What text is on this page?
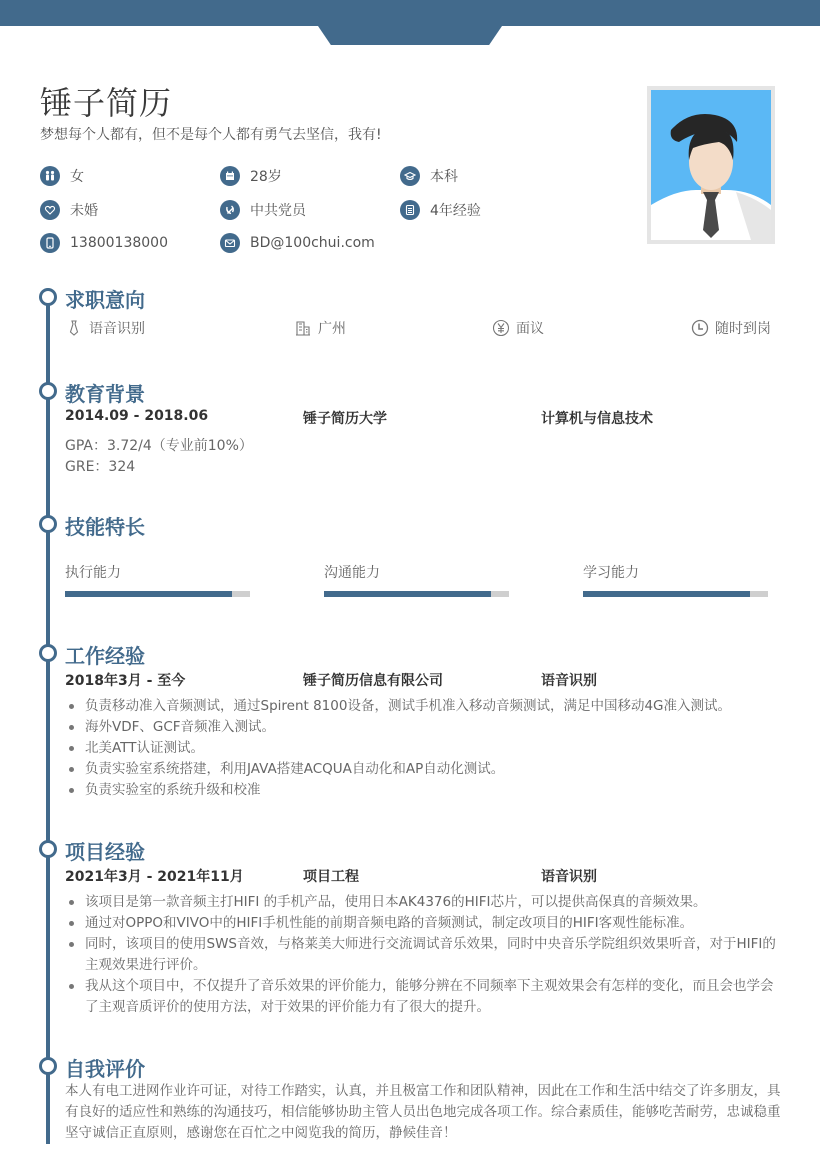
锤子简历
梦想每个人都有，但不是每个人都有勇气去坚信，我有!
女	28岁	本科
未婚	中共党员	4年经验
13800138000	BD@100chui.com
求职意向
语音识别	广州	面议	随时到岗
教育背景
2014.09 - 2018.06	锤子简历大学	计算机与信息技术
GPA：3.72/4（专业前10%）
GRE：324
技能特长
执行能力	沟通能力	学习能力
工作经验
2018年3月 - 至今	锤子简历信息有限公司	语音识别
负责移动准入音频测试，通过Spirent 8100设备，测试手机准入移动音频测试，满足中国移动4G准入测试。
海外VDF、GCF音频准入测试。
北美ATT认证测试。
负责实验室系统搭建，利用JAVA搭建ACQUA自动化和AP自动化测试。
负责实验室的系统升级和校准
项目经验
2021年3月 - 2021年11月	项目工程	语音识别
该项目是第一款音频主打HIFI 的手机产品，使用日本AK4376的HIFI芯片，可以提供高保真的音频效果。
通过对OPPO和VIVO中的HIFI手机性能的前期音频电路的音频测试，制定改项目的HIFI客观性能标准。
同时，该项目的使用SWS音效，与格莱美大师进行交流调试音乐效果，同时中央音乐学院组织效果听音，对于HIFI的主观效果进行评价。
我从这个项目中，不仅提升了音乐效果的评价能力，能够分辨在不同频率下主观效果会有怎样的变化，而且会也学会了主观音质评价的使用方法，对于效果的评价能力有了很大的提升。
自我评价
本人有电工进网作业许可证，对待工作踏实，认真，并且极富工作和团队精神，因此在工作和生活中结交了许多朋友，具有良好的适应性和熟练的沟通技巧，相信能够协助主管人员出色地完成各项工作。综合素质佳，能够吃苦耐劳，忠诚稳重坚守诚信正直原则，感谢您在百忙之中阅览我的简历，静候佳音！
